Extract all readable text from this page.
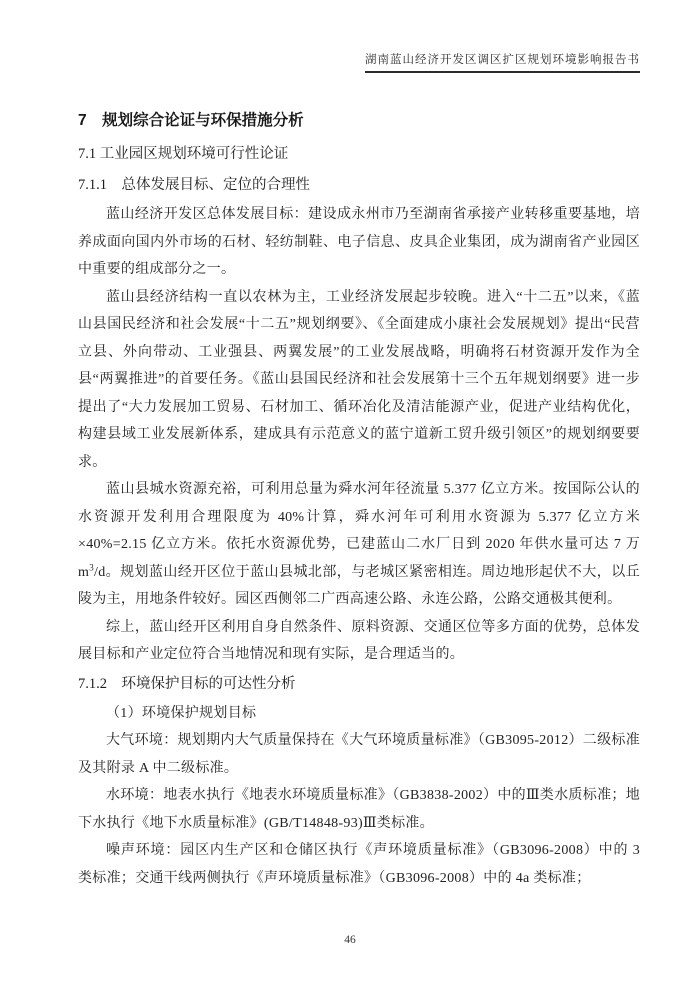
湖南蓝山经济开发区调区扩区规划环境影响报告书
7　规划综合论证与环保措施分析
7.1 工业园区规划环境可行性论证
7.1.1　总体发展目标、定位的合理性

蓝山经济开发区总体发展目标：建设成永州市乃至湖南省承接产业转移重要基地，培养成面向国内外市场的石材、轻纺制鞋、电子信息、皮具企业集团，成为湖南省产业园区中重要的组成部分之一。

蓝山县经济结构一直以农林为主，工业经济发展起步较晚。进入“十二五”以来，《蓝山县国民经济和社会发展“十二五”规划纲要》、《全面建成小康社会发展规划》提出“民营立县、外向带动、工业强县、两翼发展”的工业发展战略，明确将石材资源开发作为全县“两翼推进”的首要任务。《蓝山县国民经济和社会发展第十三个五年规划纲要》进一步提出了“大力发展加工贸易、石材加工、循环冶化及清洁能源产业，促进产业结构优化，构建县域工业发展新体系，建成具有示范意义的蓝宁道新工贸升级引领区”的规划纲要要求。

蓝山县城水资源充裕，可利用总量为舜水河年径流量 5.377 亿立方米。按国际公认的水资源开发利用合理限度为 40%计算，舜水河年可利用水资源为 5.377 亿立方米×40%=2.15 亿立方米。依托水资源优势，已建蓝山二水厂日到 2020 年供水量可达 7 万 $m^3/d$。规划蓝山经开区位于蓝山县城北部，与老城区紧密相连。周边地形起伏不大，以丘陵为主，用地条件较好。园区西侧邻二广西高速公路、永连公路，公路交通极其便利。

综上，蓝山经开区利用自身自然条件、原料资源、交通区位等多方面的优势，总体发展目标和产业定位符合当地情况和现有实际，是合理适当的。

7.1.2　环境保护目标的可达性分析

（1）环境保护规划目标

大气环境：规划期内大气质量保持在《大气环境质量标准》（GB3095-2012）二级标准及其附录 A 中二级标准。

水环境：地表水执行《地表水环境质量标准》（GB3838-2002）中的Ⅲ类水质标准；地下水执行《地下水质量标准》(GB/T14848-93)Ⅲ类标准。

噪声环境：园区内生产区和仓储区执行《声环境质量标准》（GB3096-2008）中的 3 类标准；交通干线两侧执行《声环境质量标准》（GB3096-2008）中的 4a 类标准；

46
